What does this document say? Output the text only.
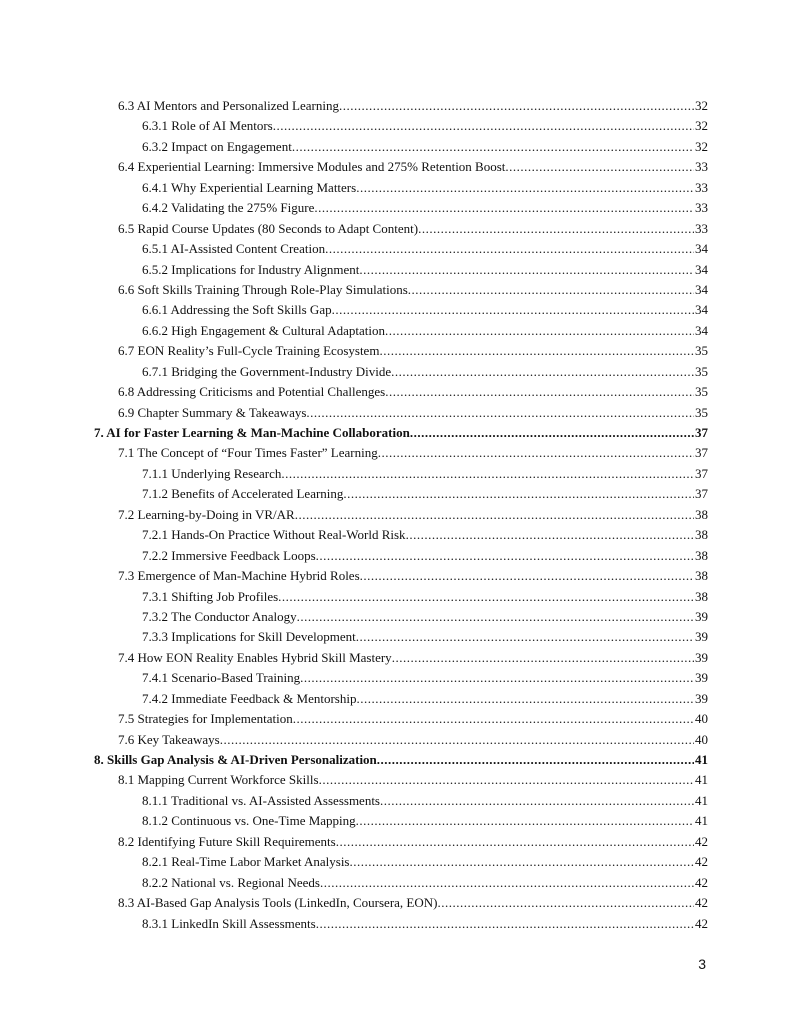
6.3 AI Mentors and Personalized Learning .....	32
6.3.1 Role of AI Mentors .....	32
6.3.2 Impact on Engagement .....	32
6.4 Experiential Learning: Immersive Modules and 275% Retention Boost .....	33
6.4.1 Why Experiential Learning Matters .....	33
6.4.2 Validating the 275% Figure .....	33
6.5 Rapid Course Updates (80 Seconds to Adapt Content) .....	33
6.5.1 AI-Assisted Content Creation .....	34
6.5.2 Implications for Industry Alignment .....	34
6.6 Soft Skills Training Through Role-Play Simulations .....	34
6.6.1 Addressing the Soft Skills Gap .....	34
6.6.2 High Engagement & Cultural Adaptation .....	34
6.7 EON Reality’s Full-Cycle Training Ecosystem .....	35
6.7.1 Bridging the Government-Industry Divide .....	35
6.8 Addressing Criticisms and Potential Challenges .....	35
6.9 Chapter Summary & Takeaways .....	35
7. AI for Faster Learning & Man-Machine Collaboration .....	37
7.1 The Concept of “Four Times Faster” Learning .....	37
7.1.1 Underlying Research .....	37
7.1.2 Benefits of Accelerated Learning .....	37
7.2 Learning-by-Doing in VR/AR .....	38
7.2.1 Hands-On Practice Without Real-World Risk .....	38
7.2.2 Immersive Feedback Loops .....	38
7.3 Emergence of Man-Machine Hybrid Roles .....	38
7.3.1 Shifting Job Profiles .....	38
7.3.2 The Conductor Analogy .....	39
7.3.3 Implications for Skill Development .....	39
7.4 How EON Reality Enables Hybrid Skill Mastery .....	39
7.4.1 Scenario-Based Training .....	39
7.4.2 Immediate Feedback & Mentorship .....	39
7.5 Strategies for Implementation .....	40
7.6 Key Takeaways .....	40
8. Skills Gap Analysis & AI-Driven Personalization .....	41
8.1 Mapping Current Workforce Skills .....	41
8.1.1 Traditional vs. AI-Assisted Assessments .....	41
8.1.2 Continuous vs. One-Time Mapping .....	41
8.2 Identifying Future Skill Requirements .....	42
8.2.1 Real-Time Labor Market Analysis .....	42
8.2.2 National vs. Regional Needs .....	42
8.3 AI-Based Gap Analysis Tools (LinkedIn, Coursera, EON) .....	42
8.3.1 LinkedIn Skill Assessments .....	42
3
